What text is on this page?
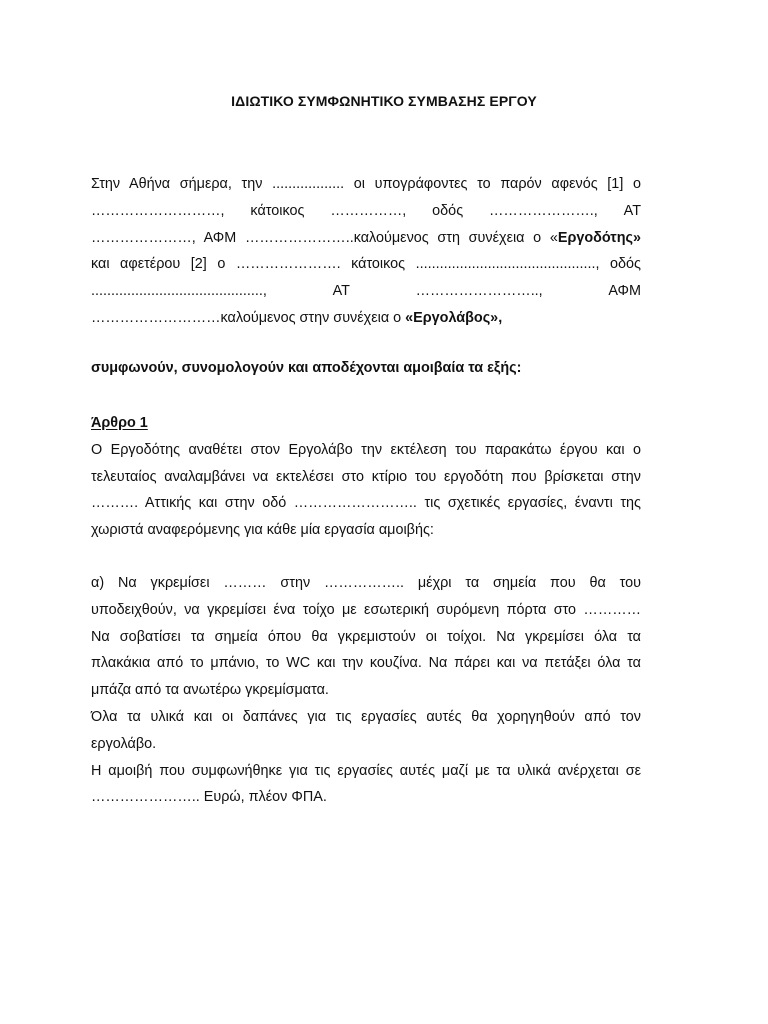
ΙΔΙΩΤΙΚΟ ΣΥΜΦΩΝΗΤΙΚΟ ΣΥΜΒΑΣΗΣ ΕΡΓΟΥ
Στην Αθήνα σήμερα, την .................. οι υπογράφοντες το παρόν αφενός [1] ο
………………………, κάτοικος ……………, οδός …………………., ΑΤ
…………………, ΑΦΜ …………………..καλούμενος στη συνέχεια ο «Εργοδότης»
και αφετέρου [2] ο …………………. κάτοικος ............................................., οδός
...........................................,	ΑΤ	……………………..,	ΑΦΜ
………………………καλούμενος στην συνέχεια ο «Εργολάβος»,
συμφωνούν, συνομολογούν και αποδέχονται αμοιβαία τα εξής:
Άρθρο 1
Ο Εργοδότης αναθέτει στον Εργολάβο την εκτέλεση του παρακάτω έργου και ο
τελευταίος αναλαμβάνει να εκτελέσει στο κτίριο του εργοδότη που βρίσκεται στην
………. Αττικής και στην οδό …………………….. τις σχετικές εργασίες, έναντι της
χωριστά αναφερόμενης για κάθε μία εργασία αμοιβής:
α) Να γκρεμίσει ……… στην …………….. μέχρι τα σημεία που θα του
υποδειχθούν, να γκρεμίσει ένα τοίχο με εσωτερική συρόμενη πόρτα στο …………
Να σοβατίσει τα σημεία όπου θα γκρεμιστούν οι τοίχοι. Να γκρεμίσει όλα τα
πλακάκια από το μπάνιο, το WC και την κουζίνα. Να πάρει και να πετάξει όλα τα
μπάζα από τα ανωτέρω γκρεμίσματα.
Όλα τα υλικά και οι δαπάνες για τις εργασίες αυτές θα χορηγηθούν από τον
εργολάβο.
Η αμοιβή που συμφωνήθηκε για τις εργασίες αυτές μαζί με τα υλικά ανέρχεται σε
………………….. Ευρώ, πλέον ΦΠΑ.
